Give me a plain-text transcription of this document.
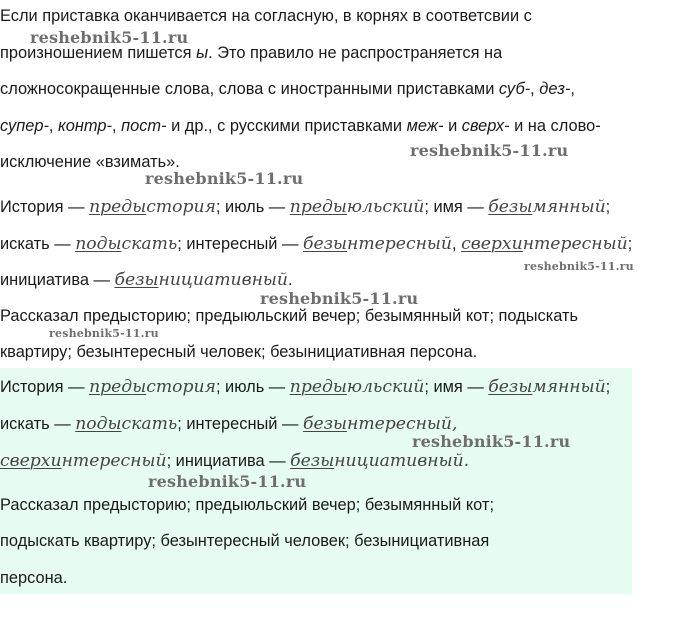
Если приставка оканчивается на согласную, в корнях в соответсвии с
произношением пишется ы. Это правило не распространяется на
сложносокращенные слова, слова с иностранными приставками суб-, дез-,
супер-, контр-, пост- и др., с русскими приставками меж- и сверх- и на слово-
исключение «взимать».
История — предыстория; июль — предыюльский; имя — безымянный;
искать — подыскать; интересный — безынтересный, сверхинтересный;
инициатива — безынициативный.
Рассказал предысторию; предыюльский вечер; безымянный кот; подыскать
квартиру; безынтересный человек; безынициативная персона.
История — предыстория; июль — предыюльский; имя — безымянный;
искать — подыскать; интересный — безынтересный,
сверхинтересный; инициатива — безынициативный.
Рассказал предысторию; предыюльский вечер; безымянный кот;
подыскать квартиру; безынтересный человек; безынициативная
персона.
reshebnik5-11.ru
reshebnik5-11.ru
reshebnik5-11.ru
reshebnik5-11.ru
reshebnik5-11.ru
reshebnik5-11.ru
reshebnik5-11.ru
reshebnik5-11.ru
